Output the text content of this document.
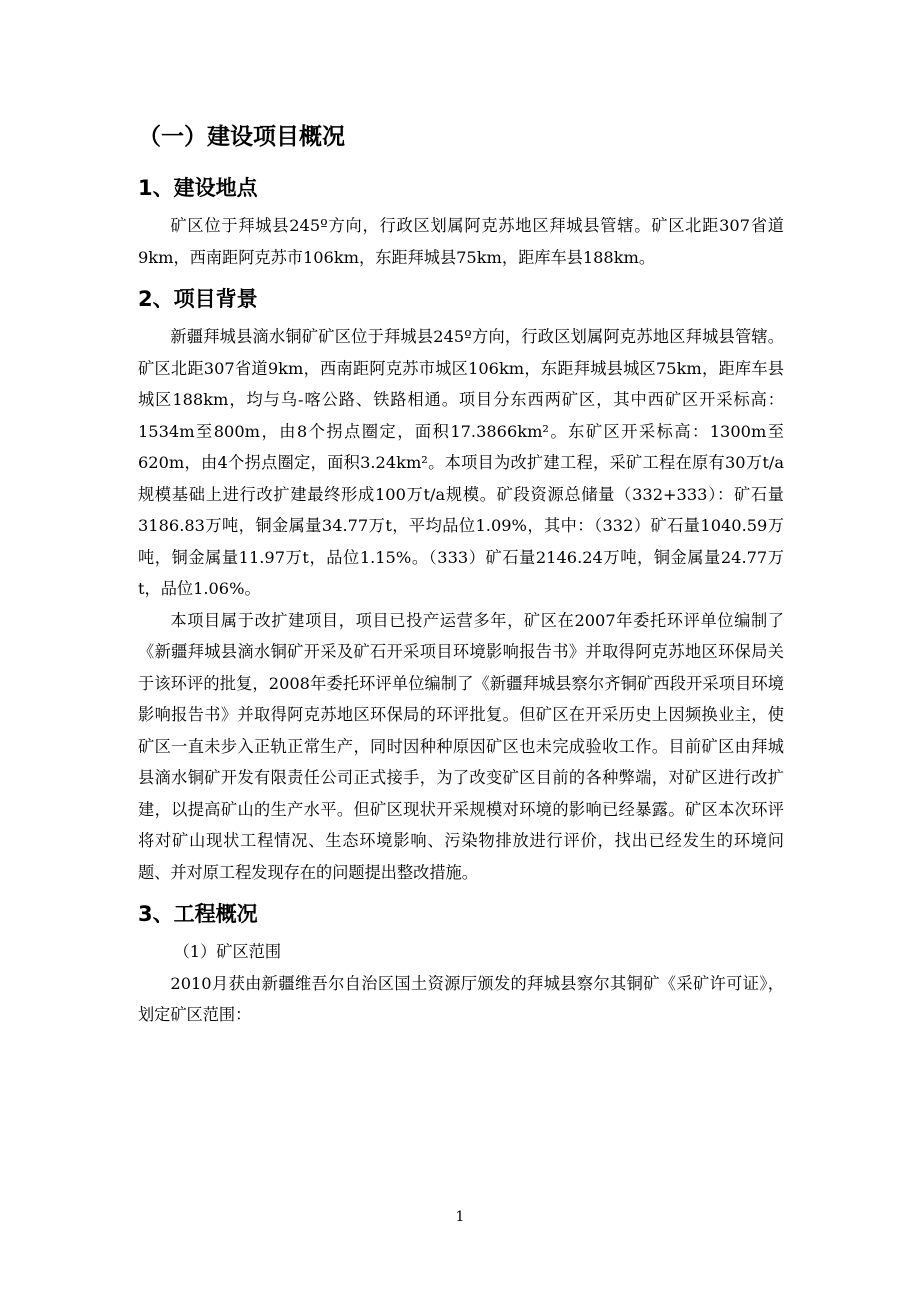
（一）建设项目概况
1、建设地点

矿区位于拜城县245º方向，行政区划属阿克苏地区拜城县管辖。矿区北距307省道9km，西南距阿克苏市106km，东距拜城县75km，距库车县188km。

2、项目背景

新疆拜城县滴水铜矿矿区位于拜城县245º方向，行政区划属阿克苏地区拜城县管辖。矿区北距307省道9km，西南距阿克苏市城区106km，东距拜城县城区75km，距库车县城区188km，均与乌-喀公路、铁路相通。项目分东西两矿区，其中西矿区开采标高：1534m至800m，由8个拐点圈定，面积17.3866km²。东矿区开采标高：1300m至620m，由4个拐点圈定，面积3.24km²。本项目为改扩建工程，采矿工程在原有30万t/a规模基础上进行改扩建最终形成100万t/a规模。矿段资源总储量（332+333）：矿石量3186.83万吨，铜金属量34.77万t，平均品位1.09%，其中：（332）矿石量1040.59万吨，铜金属量11.97万t，品位1.15%。（333）矿石量2146.24万吨，铜金属量24.77万t，品位1.06%。

本项目属于改扩建项目，项目已投产运营多年，矿区在2007年委托环评单位编制了《新疆拜城县滴水铜矿开采及矿石开采项目环境影响报告书》并取得阿克苏地区环保局关于该环评的批复，2008年委托环评单位编制了《新疆拜城县察尔齐铜矿西段开采项目环境影响报告书》并取得阿克苏地区环保局的环评批复。但矿区在开采历史上因频换业主，使矿区一直未步入正轨正常生产，同时因种种原因矿区也未完成验收工作。目前矿区由拜城县滴水铜矿开发有限责任公司正式接手，为了改变矿区目前的各种弊端，对矿区进行改扩建，以提高矿山的生产水平。但矿区现状开采规模对环境的影响已经暴露。矿区本次环评将对矿山现状工程情况、生态环境影响、污染物排放进行评价，找出已经发生的环境问题、并对原工程发现存在的问题提出整改措施。

3、工程概况

（1）矿区范围

2010月获由新疆维吾尔自治区国土资源厅颁发的拜城县察尔其铜矿《采矿许可证》，划定矿区范围：

1
